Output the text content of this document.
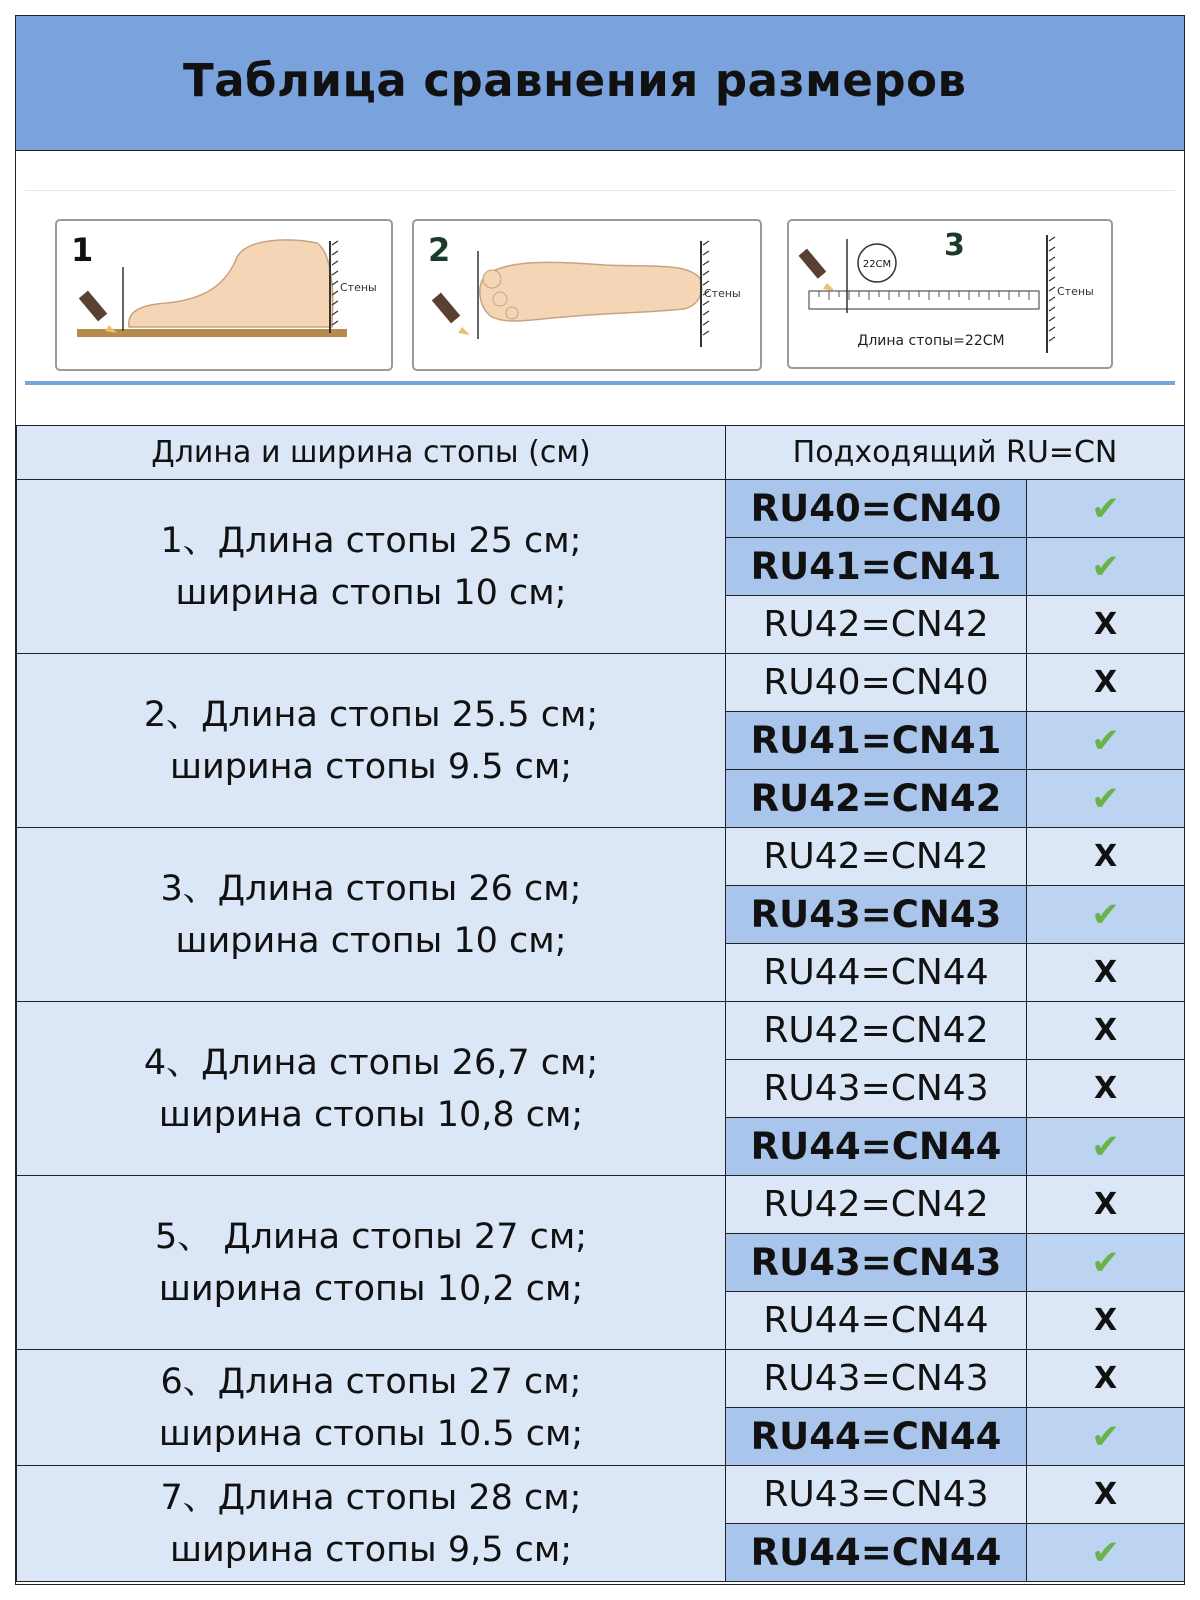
Таблица сравнения размеров
1
Стены
2
Стены
3
22CM
Стены
Длина стопы=22CM
Длина и ширина стопы (см)	Подходящий RU=CN	

1、Длина стопы 25 см;
ширина стопы 10 см;	RU40=CN40	✔
	RU41=CN41	✔
	RU42=CN42	X

2、Длина стопы 25.5 см;
ширина стопы 9.5 см;	RU40=CN40	X
	RU41=CN41	✔
	RU42=CN42	✔

3、Длина стопы 26 см;
ширина стопы 10 см;	RU42=CN42	X
	RU43=CN43	✔
	RU44=CN44	X

4、Длина стопы 26,7 см;
ширина стопы 10,8 см;	RU42=CN42	X
	RU43=CN43	X
	RU44=CN44	✔

5、 Длина стопы 27 см;
ширина стопы 10,2 см;	RU42=CN42	X
	RU43=CN43	✔
	RU44=CN44	X

6、Длина стопы 27 см;
ширина стопы 10.5 см;	RU43=CN43	X
	RU44=CN44	✔

7、Длина стопы 28 см;
ширина стопы 9,5 см;	RU43=CN43	X
	RU44=CN44	✔
